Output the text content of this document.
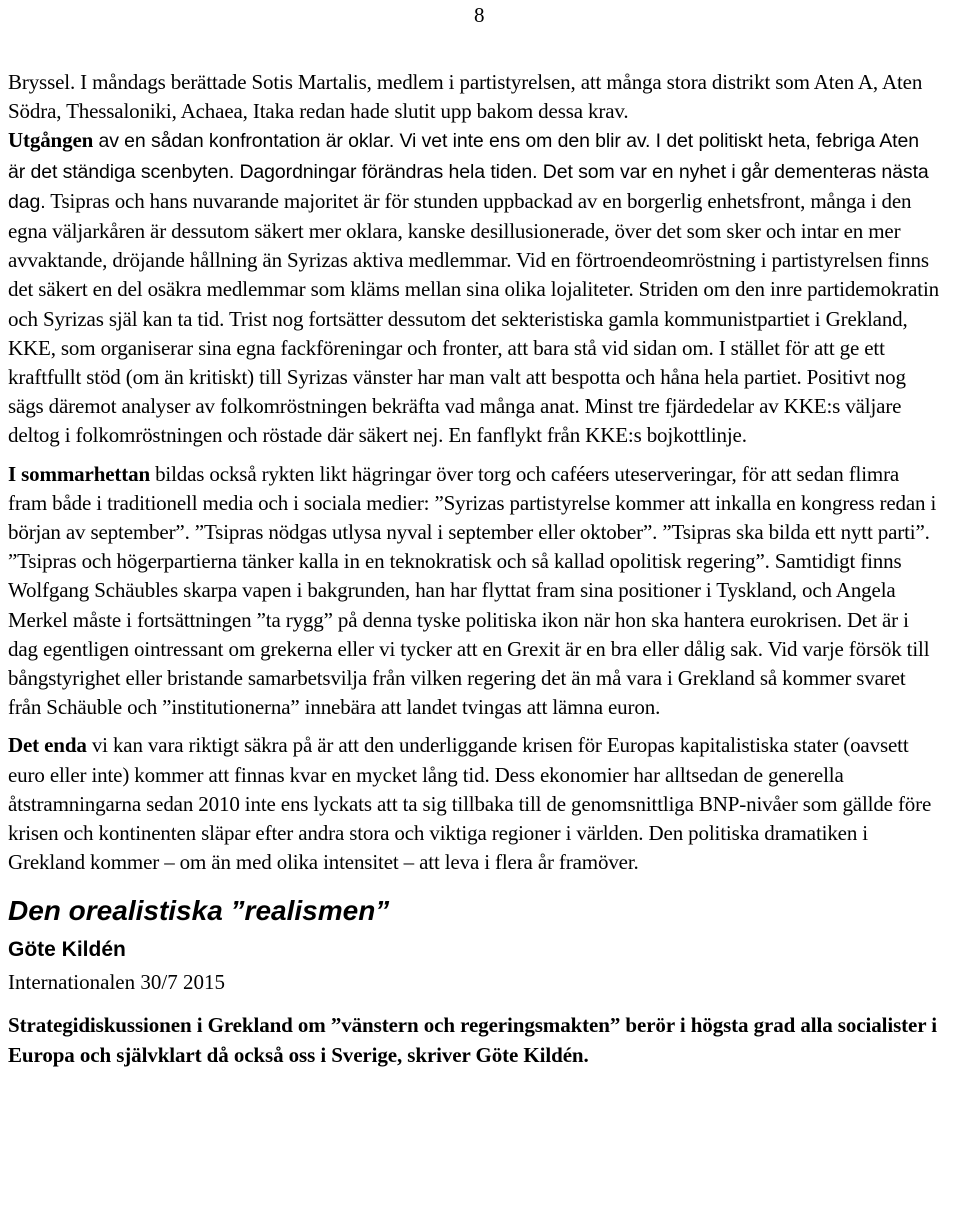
8

Bryssel. I måndags berättade Sotis Martalis, medlem i partistyrelsen, att många stora distrikt som Aten A, Aten Södra, Thessaloniki, Achaea, Itaka redan hade slutit upp bakom dessa krav.

Utgången av en sådan konfrontation är oklar. Vi vet inte ens om den blir av. I det politiskt heta, febriga Aten är det ständiga scenbyten. Dagordningar förändras hela tiden. Det som var en nyhet i går dementeras nästa dag. Tsipras och hans nuvarande majoritet är för stunden uppbackad av en borgerlig enhetsfront, många i den egna väljarkåren är dessutom säkert mer oklara, kanske desillusionerade, över det som sker och intar en mer avvaktande, dröjande hållning än Syrizas aktiva medlemmar. Vid en förtroendeomröstning i partistyrelsen finns det säkert en del osäkra medlemmar som kläms mellan sina olika lojaliteter. Striden om den inre partidemokratin och Syrizas själ kan ta tid. Trist nog fortsätter dessutom det sekteristiska gamla kommunistpartiet i Grekland, KKE, som organiserar sina egna fackföreningar och fronter, att bara stå vid sidan om. I stället för att ge ett kraftfullt stöd (om än kritiskt) till Syrizas vänster har man valt att bespotta och håna hela partiet. Positivt nog sägs däremot analyser av folkomröstningen bekräfta vad många anat. Minst tre fjärdedelar av KKE:s väljare deltog i folkomröstningen och röstade där säkert nej. En fanflykt från KKE:s bojkottlinje.

I sommarhettan bildas också rykten likt hägringar över torg och caféers uteserveringar, för att sedan flimra fram både i traditionell media och i sociala medier: ”Syrizas partistyrelse kommer att inkalla en kongress redan i början av september”. ”Tsipras nödgas utlysa nyval i september eller oktober”. ”Tsipras ska bilda ett nytt parti”. ”Tsipras och högerpartierna tänker kalla in en teknokratisk och så kallad opolitisk regering”. Samtidigt finns Wolfgang Schäubles skarpa vapen i bakgrunden, han har flyttat fram sina positioner i Tyskland, och Angela Merkel måste i fortsättningen ”ta rygg” på denna tyske politiska ikon när hon ska hantera eurokrisen. Det är i dag egentligen ointressant om grekerna eller vi tycker att en Grexit är en bra eller dålig sak. Vid varje försök till bångstyrighet eller bristande samarbetsvilja från vilken regering det än må vara i Grekland så kommer svaret från Schäuble och ”institutionerna” innebära att landet tvingas att lämna euron.

Det enda vi kan vara riktigt säkra på är att den underliggande krisen för Europas kapitalistiska stater (oavsett euro eller inte) kommer att finnas kvar en mycket lång tid. Dess ekonomier har alltsedan de generella åtstramningarna sedan 2010 inte ens lyckats att ta sig tillbaka till de genomsnittliga BNP-nivåer som gällde före krisen och kontinenten släpar efter andra stora och viktiga regioner i världen. Den politiska dramatiken i Grekland kommer – om än med olika intensitet – att leva i flera år framöver.

Den orealistiska ”realismen”
Göte Kildén
Internationalen 30/7 2015

Strategidiskussionen i Grekland om ”vänstern och regeringsmakten” berör i högsta grad alla socialister i Europa och självklart då också oss i Sverige, skriver Göte Kildén.
